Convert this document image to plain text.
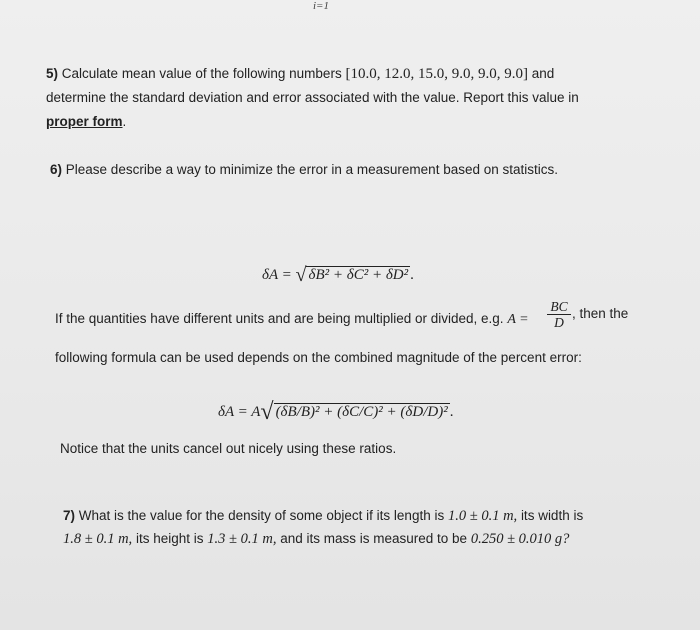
i=1
5) Calculate mean value of the following numbers [10.0, 12.0, 15.0, 9.0, 9.0, 9.0] and
determine the standard deviation and error associated with the value. Report this value in
proper form.
6) Please describe a way to minimize the error in a measurement based on statistics.
δA = √ δB² + δC² + δD² .
If the quantities have different units and are being multiplied or divided, e.g. $A = \frac{BC}{D}$ , then the
following formula can be used depends on the combined magnitude of the percent error:
δA = A√ (δB/B)² + (δC/C)² + (δD/D)² .
Notice that the units cancel out nicely using these ratios.
7) What is the value for the density of some object if its length is 1.0 ± 0.1 m, its width is
1.8 ± 0.1 m, its height is 1.3 ± 0.1 m, and its mass is measured to be 0.250 ± 0.010 g?
